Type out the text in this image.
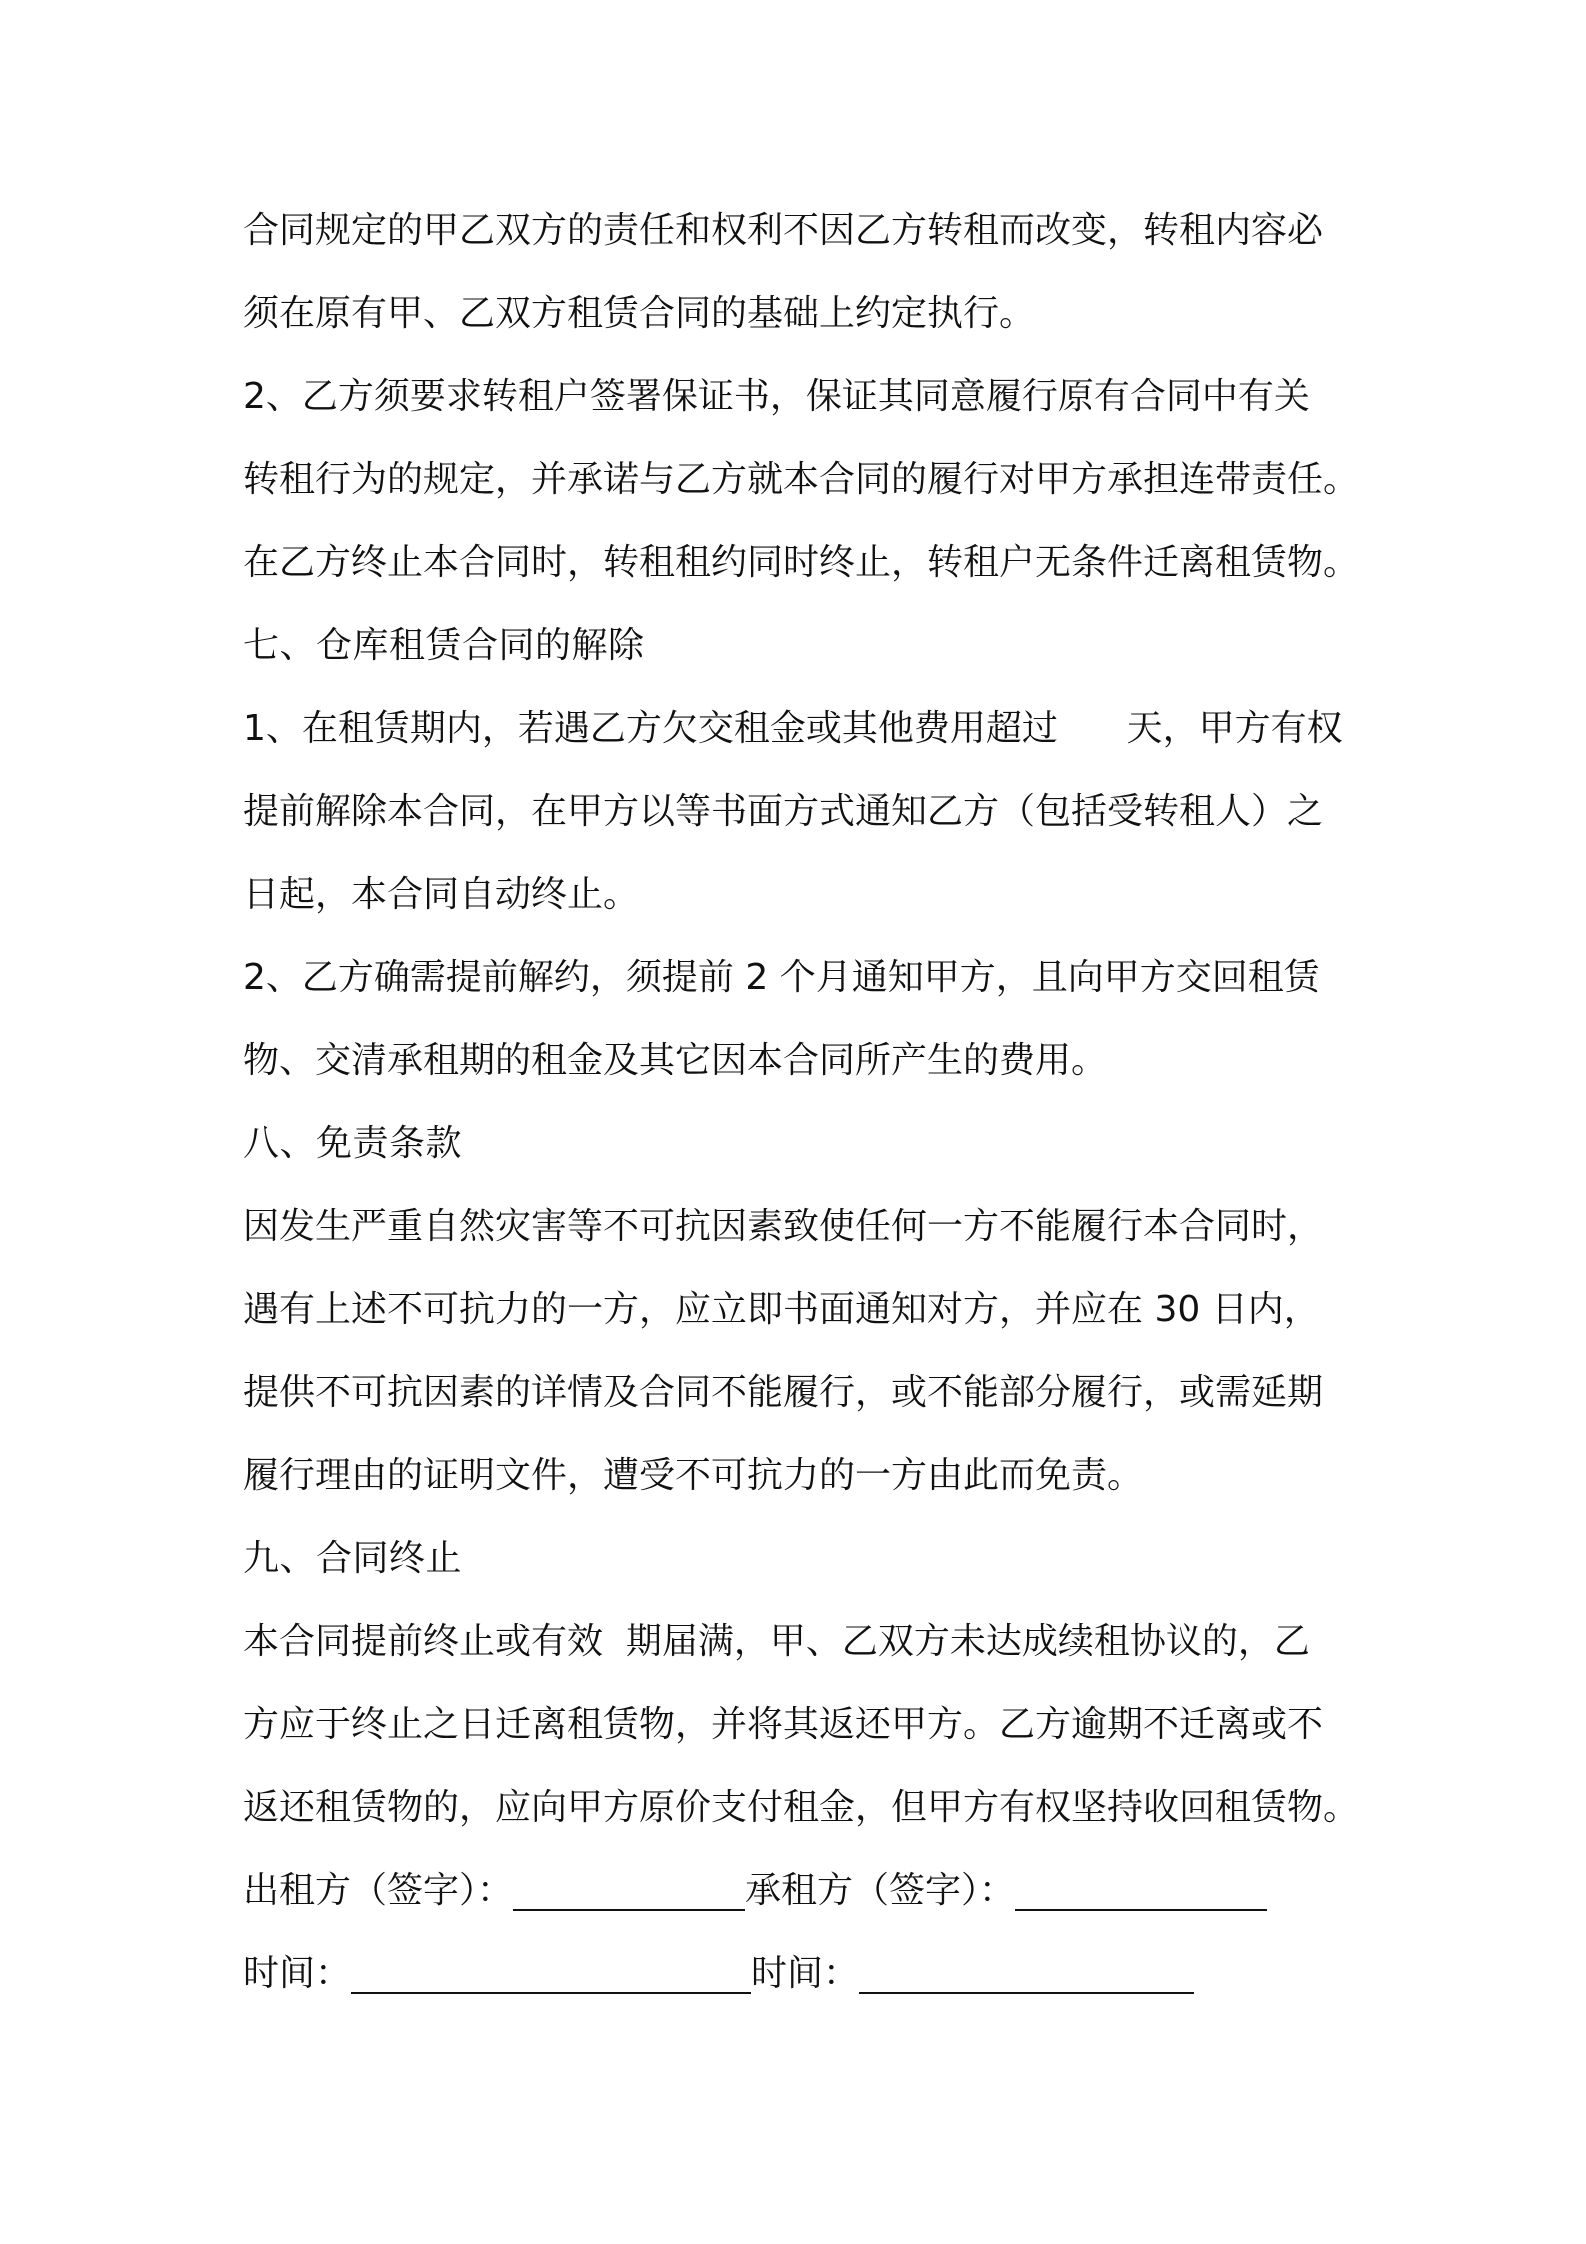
合同规定的甲乙双方的责任和权利不因乙方转租而改变，转租内容必
须在原有甲、乙双方租赁合同的基础上约定执行。
2、乙方须要求转租户签署保证书，保证其同意履行原有合同中有关
转租行为的规定，并承诺与乙方就本合同的履行对甲方承担连带责任。
在乙方终止本合同时，转租租约同时终止，转租户无条件迁离租赁物。
七、仓库租赁合同的解除
1、在租赁期内，若遇乙方欠交租金或其他费用超过      天，甲方有权
提前解除本合同，在甲方以等书面方式通知乙方（包括受转租人）之
日起，本合同自动终止。
2、乙方确需提前解约，须提前 2 个月通知甲方，且向甲方交回租赁
物、交清承租期的租金及其它因本合同所产生的费用。
八、免责条款
因发生严重自然灾害等不可抗因素致使任何一方不能履行本合同时，
遇有上述不可抗力的一方，应立即书面通知对方，并应在 30 日内，
提供不可抗因素的详情及合同不能履行，或不能部分履行，或需延期
履行理由的证明文件，遭受不可抗力的一方由此而免责。
九、合同终止
本合同提前终止或有效  期届满，甲、乙双方未达成续租协议的，乙
方应于终止之日迁离租赁物，并将其返还甲方。乙方逾期不迁离或不
返还租赁物的，应向甲方原价支付租金，但甲方有权坚持收回租赁物。
出租方（签字）：	承租方（签字）：
时间：	时间：
